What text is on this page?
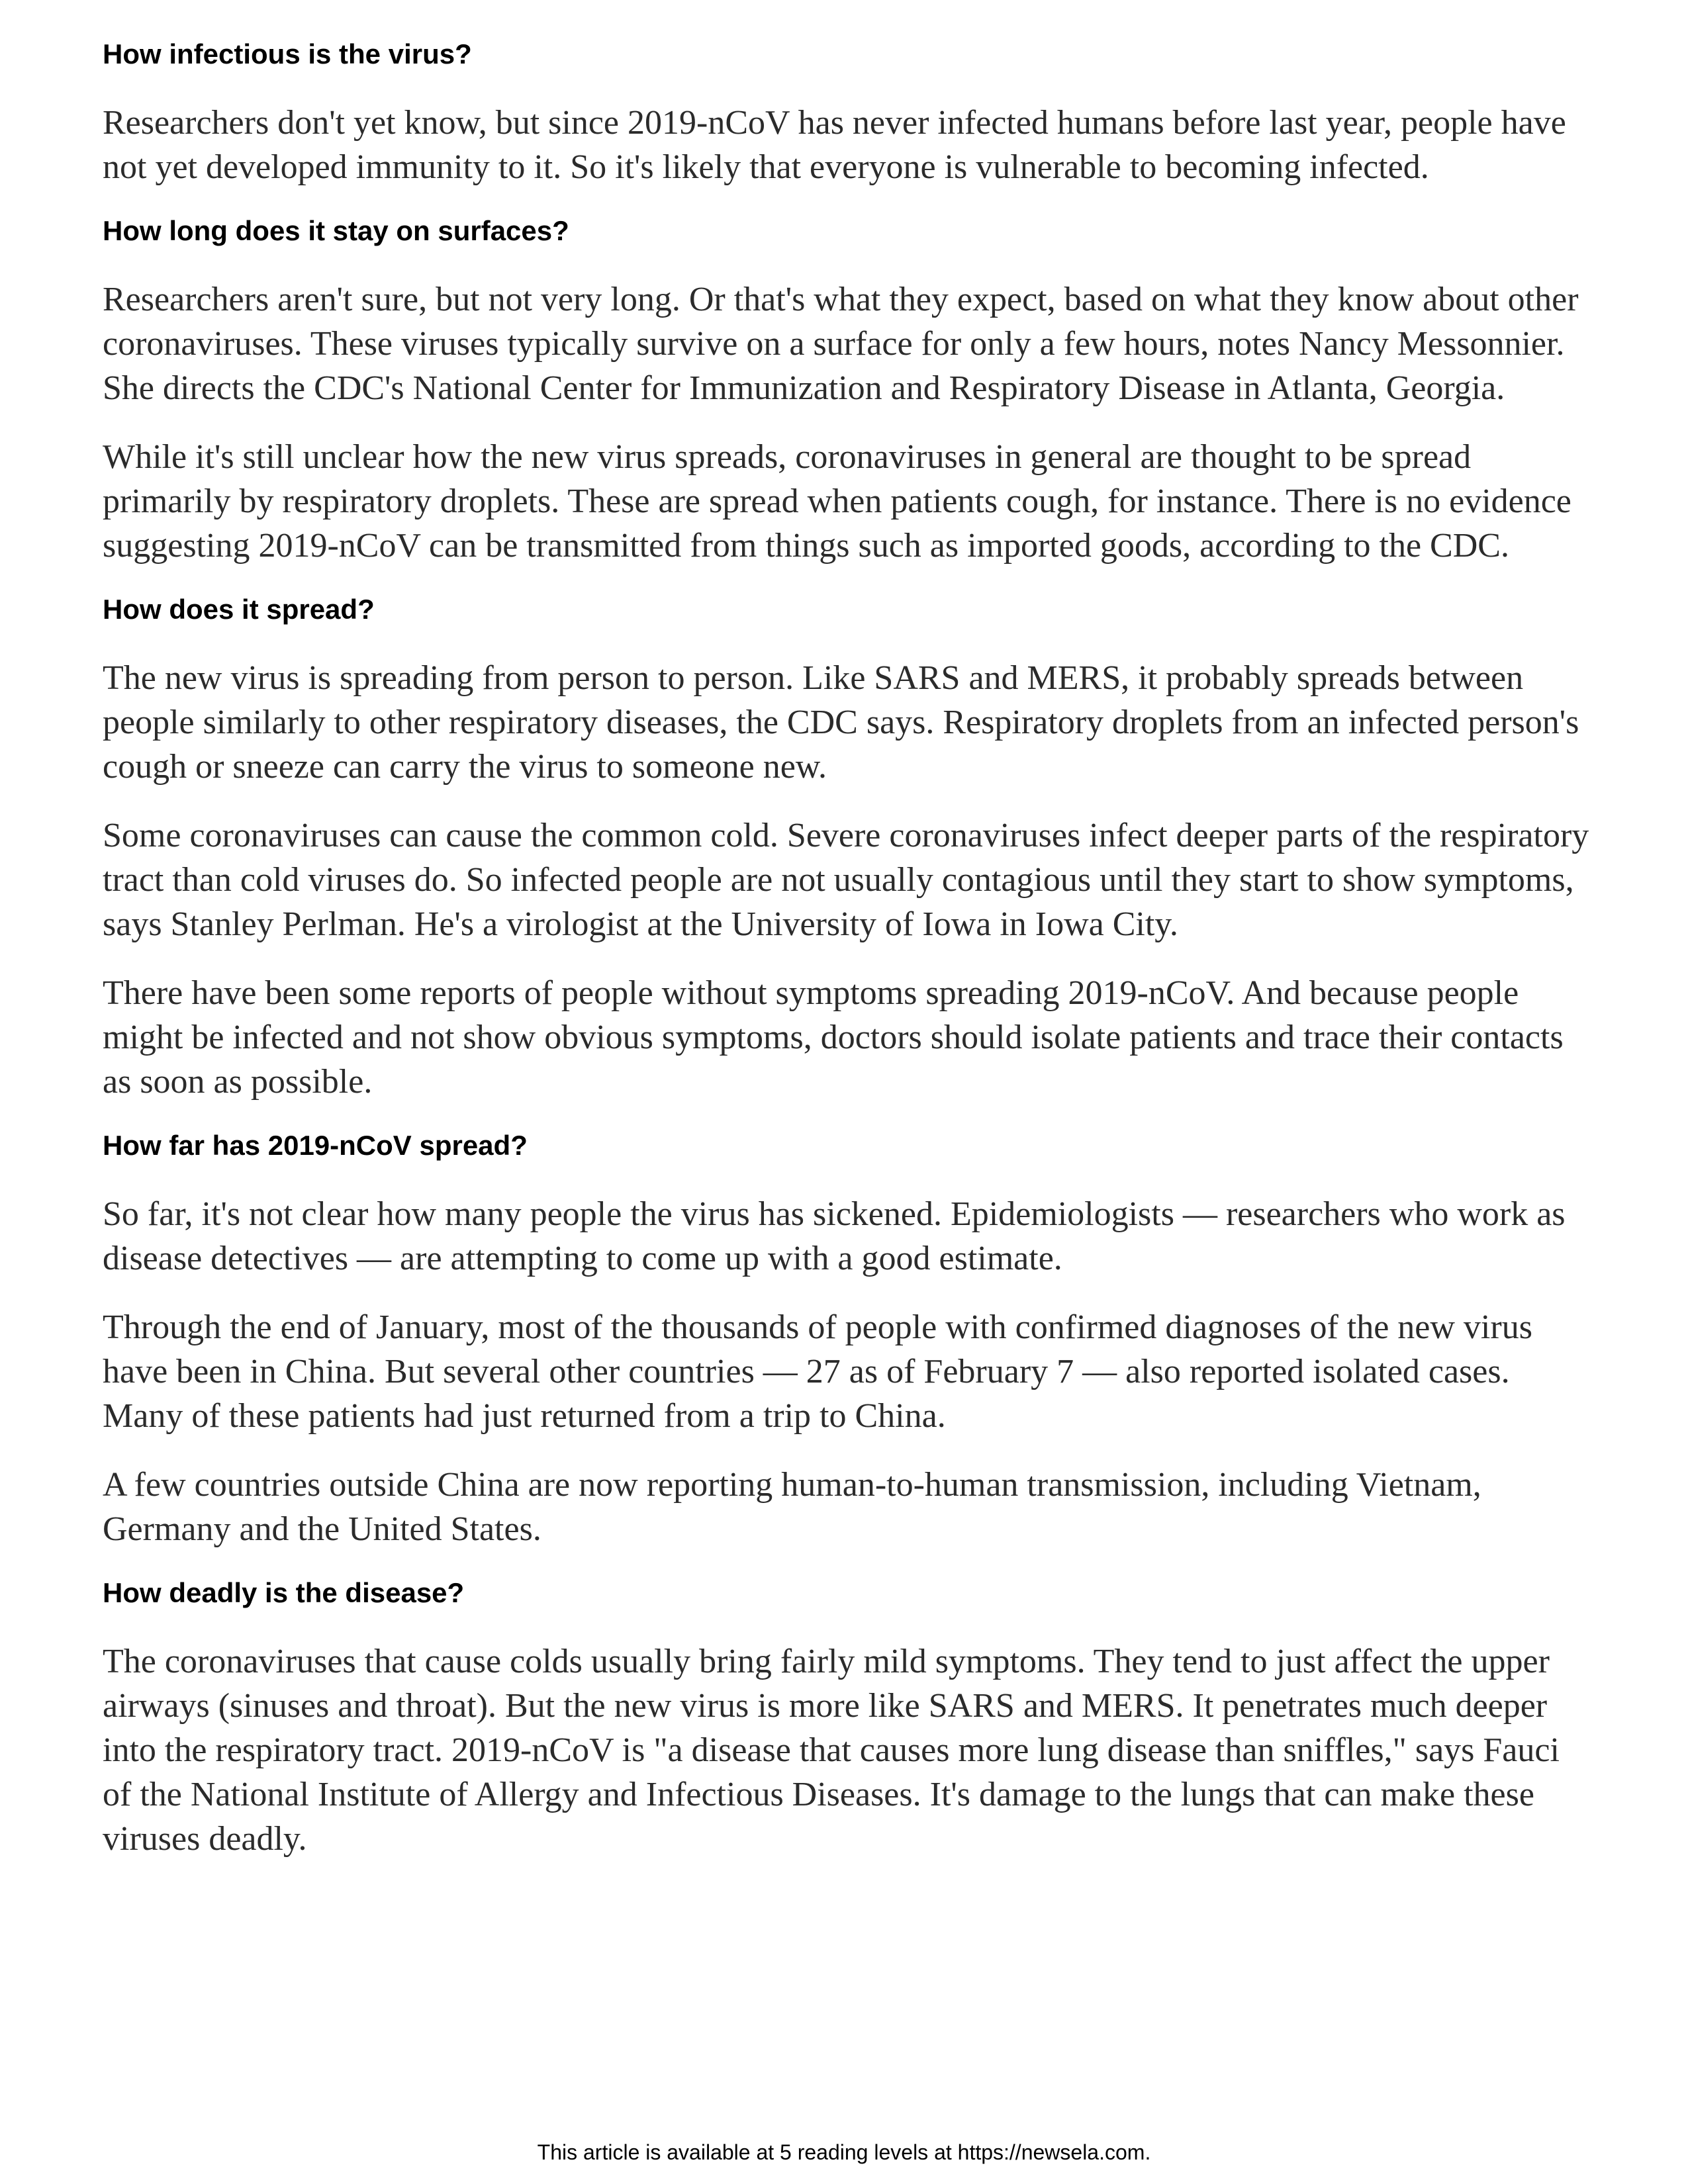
How infectious is the virus?

Researchers don't yet know, but since 2019-nCoV has never infected humans before last year, people have not yet developed immunity to it. So it's likely that everyone is vulnerable to becoming infected.

How long does it stay on surfaces?

Researchers aren't sure, but not very long. Or that's what they expect, based on what they know about other coronaviruses. These viruses typically survive on a surface for only a few hours, notes Nancy Messonnier. She directs the CDC's National Center for Immunization and Respiratory Disease in Atlanta, Georgia.

While it's still unclear how the new virus spreads, coronaviruses in general are thought to be spread primarily by respiratory droplets. These are spread when patients cough, for instance. There is no evidence suggesting 2019-nCoV can be transmitted from things such as imported goods, according to the CDC.

How does it spread?

The new virus is spreading from person to person. Like SARS and MERS, it probably spreads between people similarly to other respiratory diseases, the CDC says. Respiratory droplets from an infected person's cough or sneeze can carry the virus to someone new.

Some coronaviruses can cause the common cold. Severe coronaviruses infect deeper parts of the respiratory tract than cold viruses do. So infected people are not usually contagious until they start to show symptoms, says Stanley Perlman. He's a virologist at the University of Iowa in Iowa City.

There have been some reports of people without symptoms spreading 2019-nCoV. And because people might be infected and not show obvious symptoms, doctors should isolate patients and trace their contacts as soon as possible.

How far has 2019-nCoV spread?

So far, it's not clear how many people the virus has sickened. Epidemiologists — researchers who work as disease detectives — are attempting to come up with a good estimate.

Through the end of January, most of the thousands of people with confirmed diagnoses of the new virus have been in China. But several other countries — 27 as of February 7 — also reported isolated cases. Many of these patients had just returned from a trip to China.

A few countries outside China are now reporting human-to-human transmission, including Vietnam, Germany and the United States.

How deadly is the disease?

The coronaviruses that cause colds usually bring fairly mild symptoms. They tend to just affect the upper airways (sinuses and throat). But the new virus is more like SARS and MERS. It penetrates much deeper into the respiratory tract. 2019-nCoV is "a disease that causes more lung disease than sniffles," says Fauci of the National Institute of Allergy and Infectious Diseases. It's damage to the lungs that can make these viruses deadly.

This article is available at 5 reading levels at https://newsela.com.
